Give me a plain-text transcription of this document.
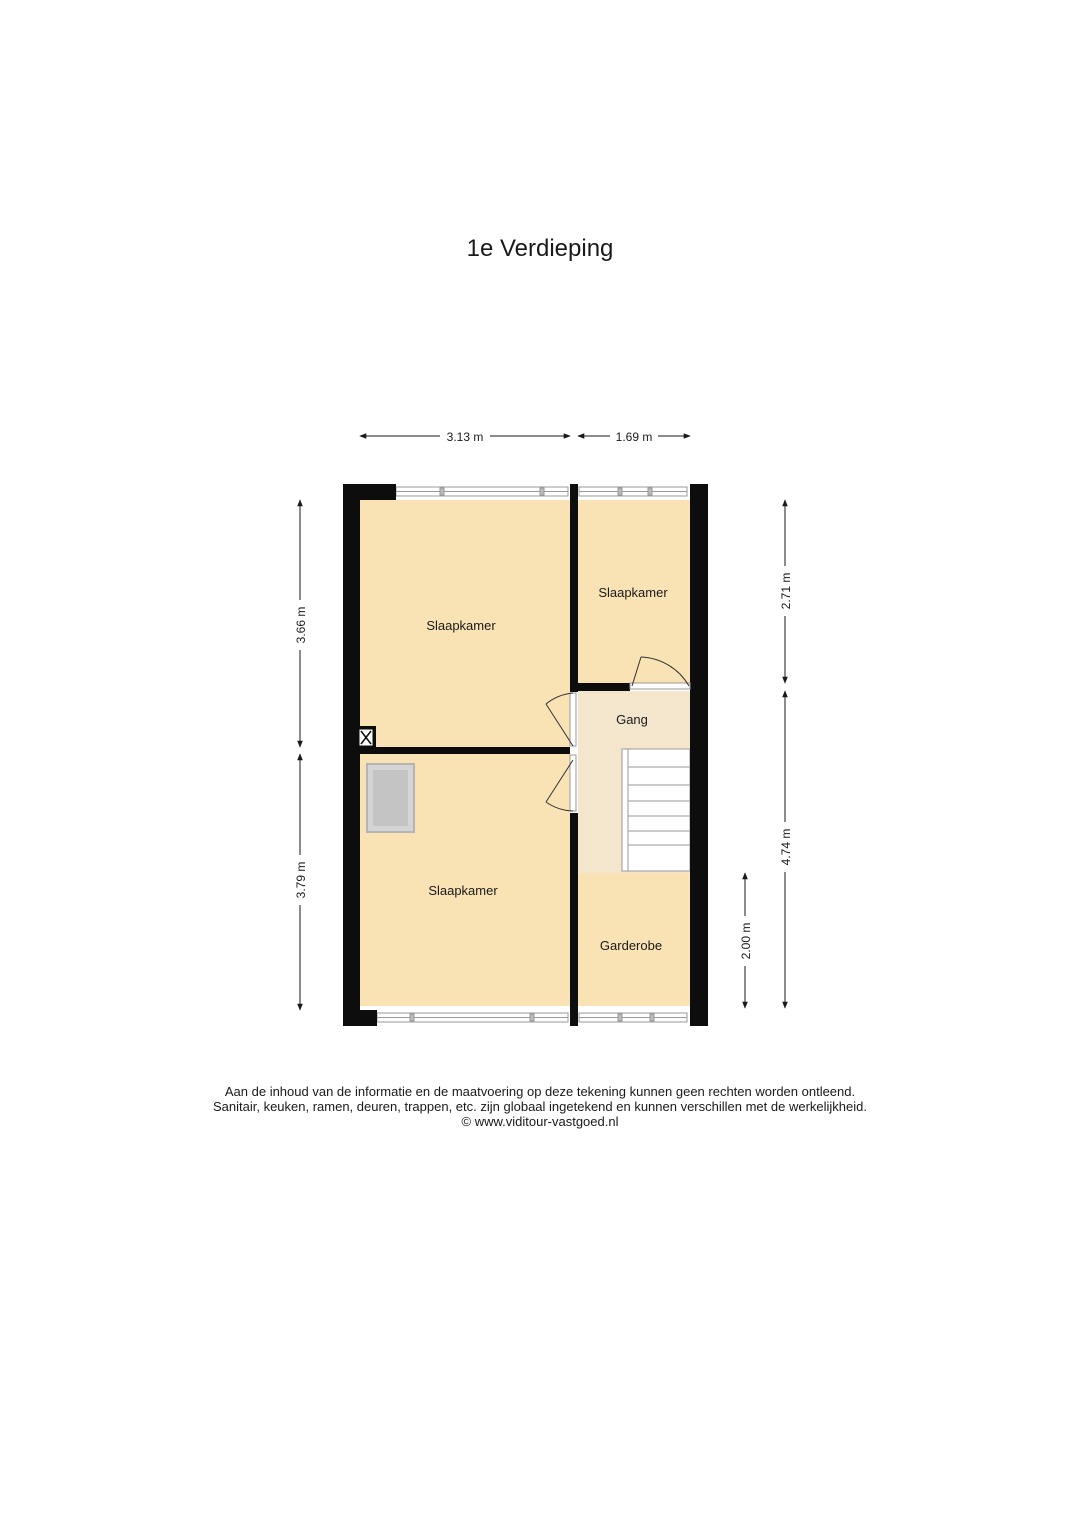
1e Verdieping
Slaapkamer
Slaapkamer
Gang
Slaapkamer
Garderobe
3.13 m	1.69 m
3.66 m
3.79 m
2.71 m
4.74 m
2.00 m
Aan de inhoud van de informatie en de maatvoering op deze tekening kunnen geen rechten worden ontleend.
Sanitair, keuken, ramen, deuren, trappen, etc. zijn globaal ingetekend en kunnen verschillen met de werkelijkheid.
© www.viditour-vastgoed.nl
